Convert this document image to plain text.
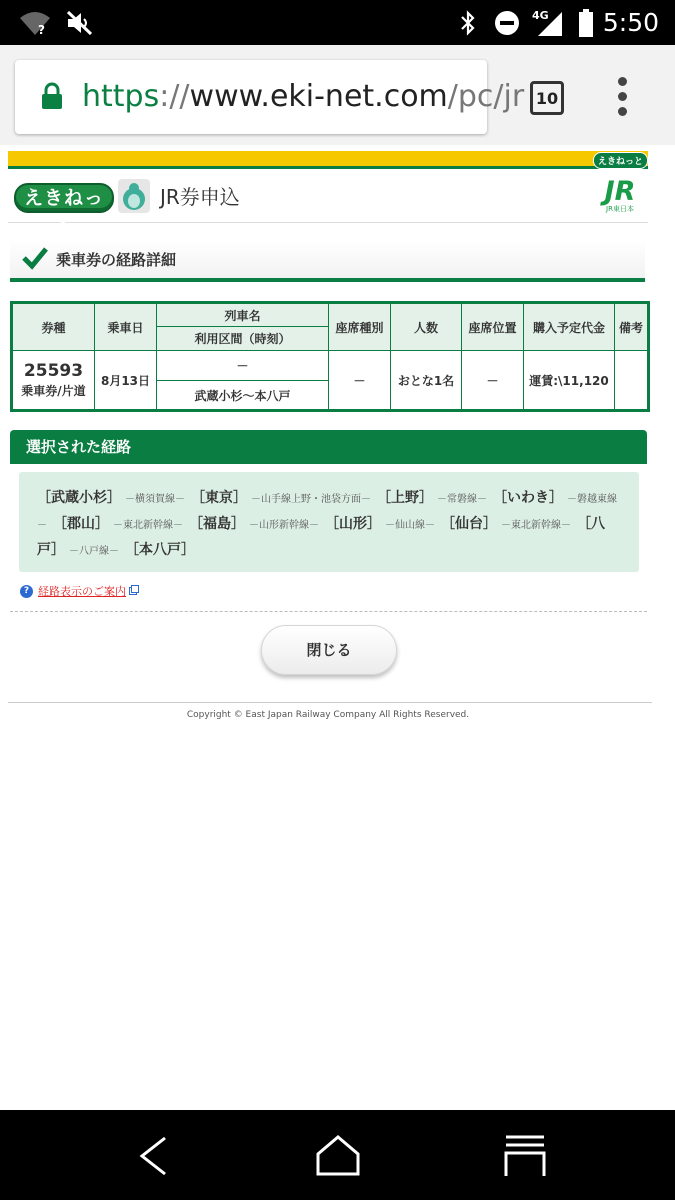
?
4G 5:50
https://www.eki-net.com/pc/jr 10
えきねっと
えきねっと
JR券申込	JR
JR東日本
乗車券の経路詳細
券種	乗車日	列車名	座席種別	人数	座席位置	購入予定代金	備考
		利用区間（時刻）					

25593
乗車券/片道	8月13日	－	－	おとな1名	－	運賃:\11,120	
		武蔵小杉～本八戸					
選択された経路
［武蔵小杉］ －横須賀線－ ［東京］ －山手線上野・池袋方面－ ［上野］ －常磐線－ ［いわき］ －磐越東線－ ［郡山］ －東北新幹線－ ［福島］ －山形新幹線－ ［山形］ －仙山線－ ［仙台］ －東北新幹線－ ［八戸］ －八戸線－ ［本八戸］
? 経路表示のご案内
閉じる
Copyright © East Japan Railway Company All Rights Reserved.
